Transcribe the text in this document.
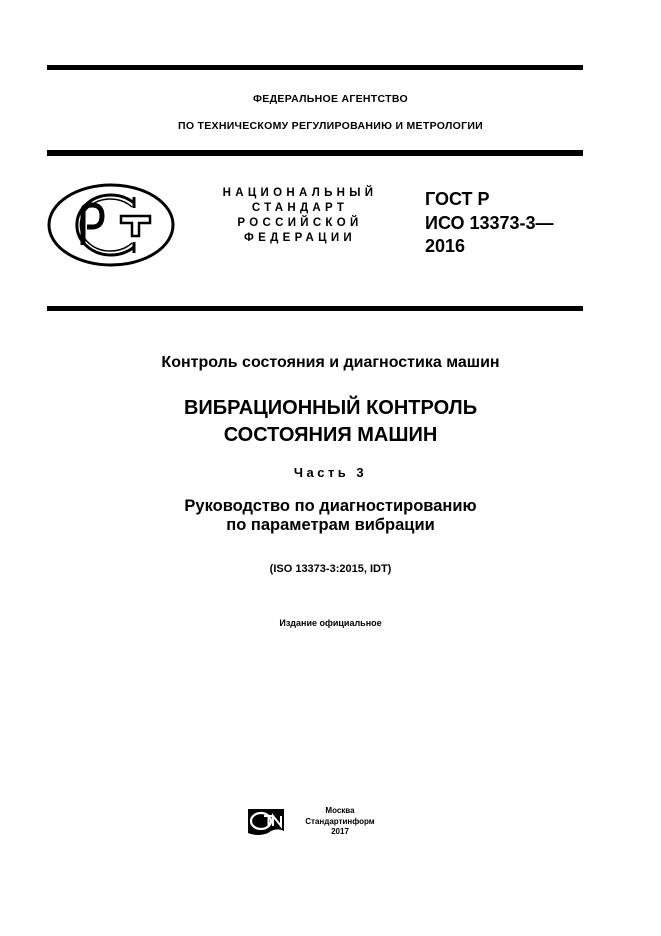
ФЕДЕРАЛЬНОЕ АГЕНТСТВО
ПО ТЕХНИЧЕСКОМУ РЕГУЛИРОВАНИЮ И МЕТРОЛОГИИ
НАЦИОНАЛЬНЫЙ
СТАНДАРТ
РОССИЙСКОЙ
ФЕДЕРАЦИИ
ГОСТ Р
ИСО 13373-3—
2016
Контроль состояния и диагностика машин
ВИБРАЦИОННЫЙ КОНТРОЛЬ
СОСТОЯНИЯ МАШИН
Часть 3
Руководство по диагностированию
по параметрам вибрации
(ISO 13373-3:2015, IDT)
Издание официальное
Москва
Стандартинформ
2017
